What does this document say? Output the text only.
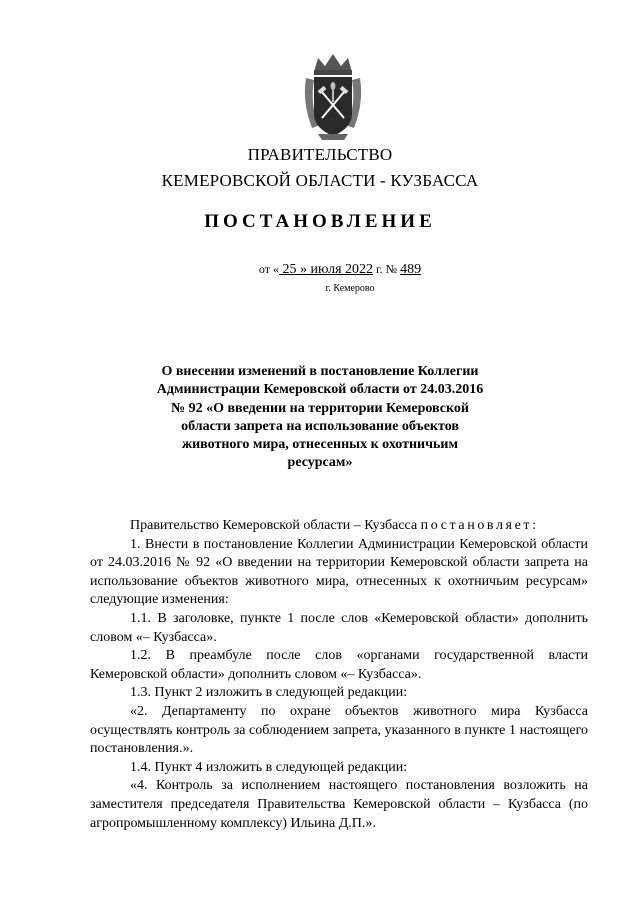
ПРАВИТЕЛЬСТВО
КЕМЕРОВСКОЙ ОБЛАСТИ - КУЗБАССА
ПОСТАНОВЛЕНИЕ
от « 25 » июля 2022 г. № 489
г. Кемерово
О внесении изменений в постановление Коллегии
Администрации Кемеровской области от 24.03.2016
№ 92 «О введении на территории Кемеровской
области запрета на использование объектов
животного мира, отнесенных к охотничьим
ресурсам»

Правительство Кемеровской области – Кузбасса постановляет:

1. Внести в постановление Коллегии Администрации Кемеровской области от 24.03.2016 № 92 «О введении на территории Кемеровской области запрета на использование объектов животного мира, отнесенных к охотничьим ресурсам» следующие изменения:

1.1. В заголовке, пункте 1 после слов «Кемеровской области» дополнить словом «– Кузбасса».

1.2. В преамбуле после слов «органами государственной власти Кемеровской области» дополнить словом «– Кузбасса».

1.3. Пункт 2 изложить в следующей редакции:

«2. Департаменту по охране объектов животного мира Кузбасса осуществлять контроль за соблюдением запрета, указанного в пункте 1 настоящего постановления.».

1.4. Пункт 4 изложить в следующей редакции:

«4. Контроль за исполнением настоящего постановления возложить на заместителя председателя Правительства Кемеровской области – Кузбасса (по агропромышленному комплексу) Ильина Д.П.».
